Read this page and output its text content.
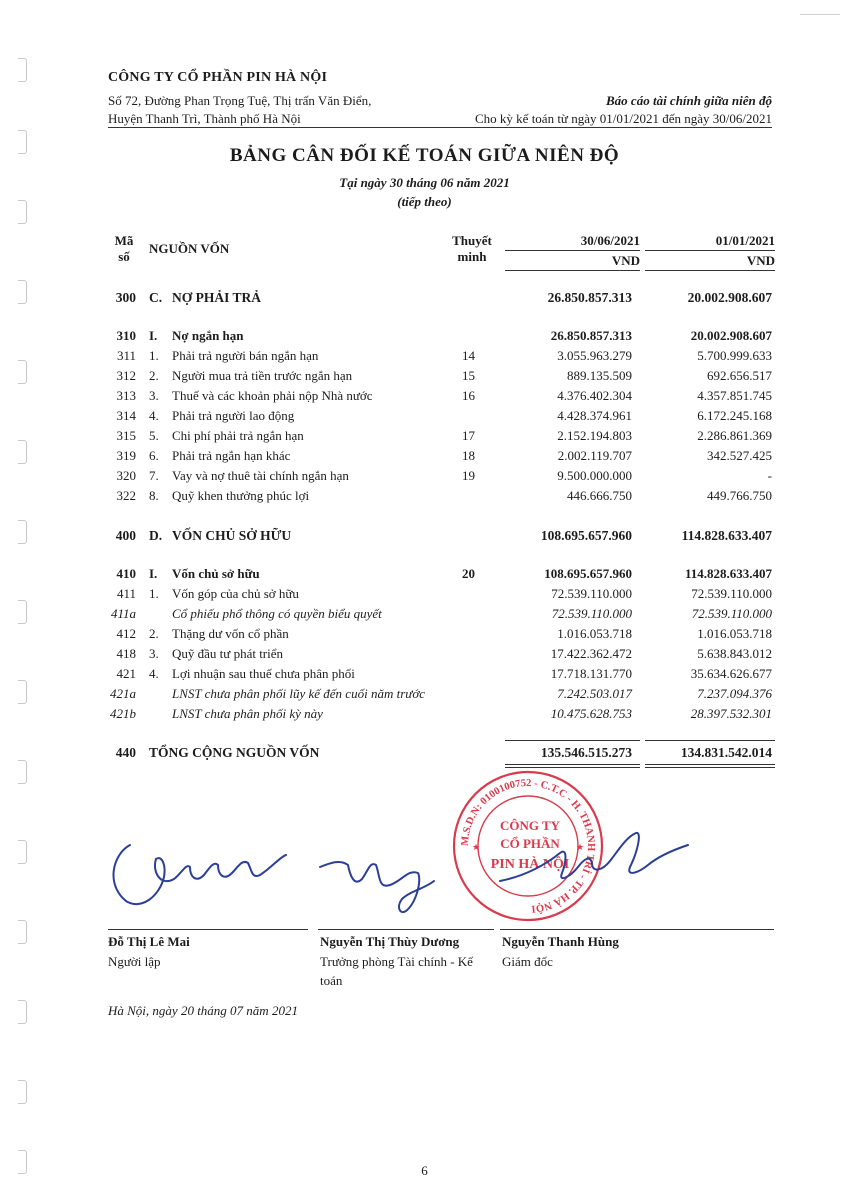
CÔNG TY CỔ PHẦN PIN HÀ NỘI
Số 72, Đường Phan Trọng Tuệ, Thị trấn Văn Điển,
Huyện Thanh Trì, Thành phố Hà Nội
Báo cáo tài chính giữa niên độ
Cho kỳ kế toán từ ngày 01/01/2021 đến ngày 30/06/2021
BẢNG CÂN ĐỐI KẾ TOÁN GIỮA NIÊN ĐỘ
Tại ngày 30 tháng 06 năm 2021
(tiếp theo)
Mã
số
NGUỒN VỐN
Thuyết
minh
30/06/2021
VND
01/01/2021
VND
300 C. NỢ PHẢI TRẢ	26.850.857.313	20.002.908.607
310 I. Nợ ngắn hạn	26.850.857.313	20.002.908.607
311 1. Phải trả người bán ngắn hạn	14	3.055.963.279	5.700.999.633
312 2. Người mua trả tiền trước ngắn hạn	15	889.135.509	692.656.517
313 3. Thuế và các khoản phải nộp Nhà nước	16	4.376.402.304	4.357.851.745
314 4. Phải trả người lao động	4.428.374.961	6.172.245.168
315 5. Chi phí phải trả ngắn hạn	17	2.152.194.803	2.286.861.369
319 6. Phải trả ngắn hạn khác	18	2.002.119.707	342.527.425
320 7. Vay và nợ thuê tài chính ngắn hạn	19	9.500.000.000	-
322 8. Quỹ khen thưởng phúc lợi	446.666.750	449.766.750
400 D. VỐN CHỦ SỞ HỮU	108.695.657.960	114.828.633.407
410 I. Vốn chủ sở hữu	20	108.695.657.960	114.828.633.407
411 1. Vốn góp của chủ sở hữu	72.539.110.000	72.539.110.000
411a	Cổ phiếu phổ thông có quyền biểu quyết	72.539.110.000	72.539.110.000
412 2. Thặng dư vốn cổ phần	1.016.053.718	1.016.053.718
418 3. Quỹ đầu tư phát triển	17.422.362.472	5.638.843.012
421 4. Lợi nhuận sau thuế chưa phân phối	17.718.131.770	35.634.626.677
421a	LNST chưa phân phối lũy kế đến cuối năm trước	7.242.503.017	7.237.094.376
421b	LNST chưa phân phối kỳ này	10.475.628.753	28.397.532.301
440 TỔNG CỘNG NGUỒN VỐN	135.546.515.273	134.831.542.014
M.S.D.N: 0100100752 - C.T.C - H. THANH TRÌ - TP. HÀ NỘI
CÔNG TY
CỔ PHẦN
PIN HÀ NỘI
★	★
Đỗ Thị Lê Mai
Người lập
Nguyễn Thị Thùy Dương
Trưởng phòng Tài chính - Kế toán
Nguyễn Thanh Hùng
Giám đốc
Hà Nội, ngày 20 tháng 07 năm 2021
6
